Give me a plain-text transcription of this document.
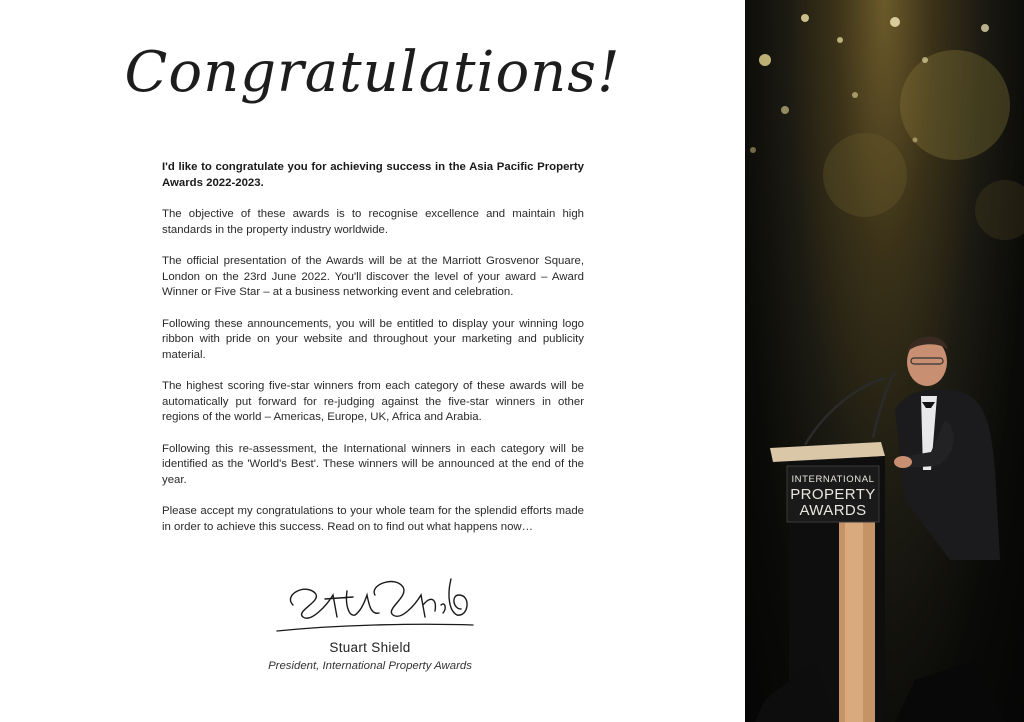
Congratulations!

I'd like to congratulate you for achieving success in the Asia Pacific Property Awards 2022-2023.

The objective of these awards is to recognise excellence and maintain high standards in the property industry worldwide.

The official presentation of the Awards will be at the Marriott Grosvenor Square, London on the 23rd June 2022. You'll discover the level of your award – Award Winner or Five Star – at a business networking event and celebration.

Following these announcements, you will be entitled to display your winning logo ribbon with pride on your website and throughout your marketing and publicity material.

The highest scoring five-star winners from each category of these awards will be automatically put forward for re-judging against the five-star winners in other regions of the world – Americas, Europe, UK, Africa and Arabia.

Following this re-assessment, the International winners in each category will be identified as the 'World's Best'. These winners will be announced at the end of the year.

Please accept my congratulations to your whole team for the splendid efforts made in order to achieve this success. Read on to find out what happens now…

Stuart Shield
President, International Property Awards
INTERNATIONAL
PROPERTY
AWARDS
